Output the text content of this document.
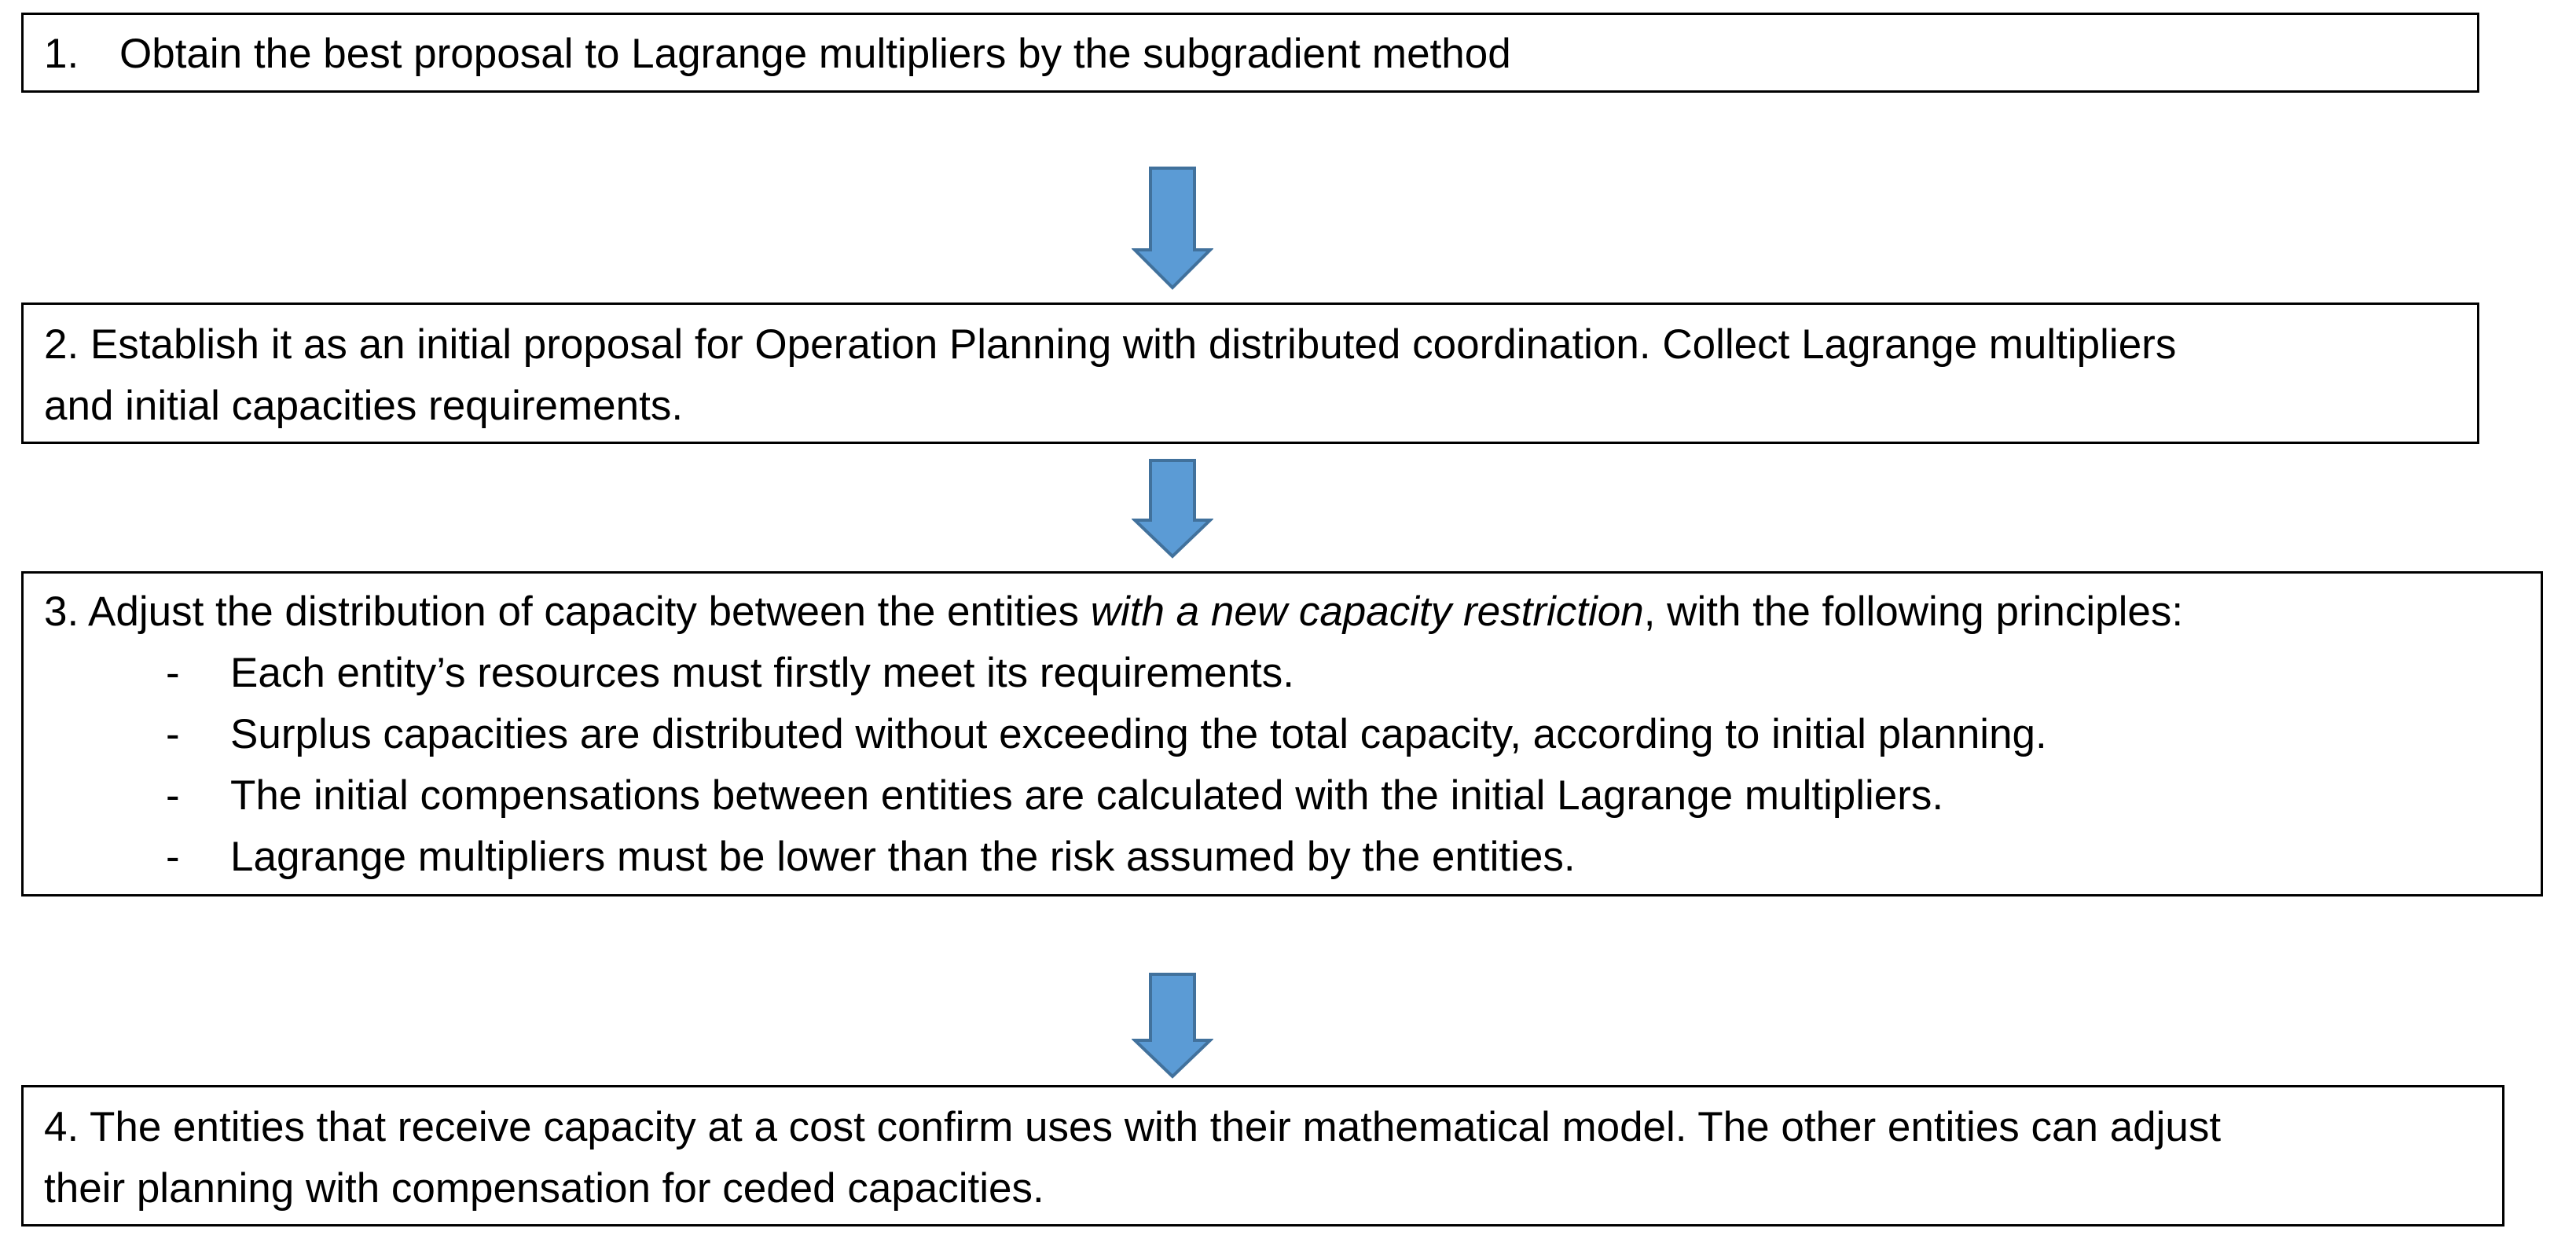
1. Obtain the best proposal to Lagrange multipliers by the subgradient method
2. Establish it as an initial proposal for Operation Planning with distributed coordination. Collect Lagrange multipliers
and initial capacities requirements.
3. Adjust the distribution of capacity between the entities with a new capacity restriction, with the following principles:
- Each entity’s resources must firstly meet its requirements.
- Surplus capacities are distributed without exceeding the total capacity, according to initial planning.
- The initial compensations between entities are calculated with the initial Lagrange multipliers.
- Lagrange multipliers must be lower than the risk assumed by the entities.
4. The entities that receive capacity at a cost confirm uses with their mathematical model. The other entities can adjust
their planning with compensation for ceded capacities.
